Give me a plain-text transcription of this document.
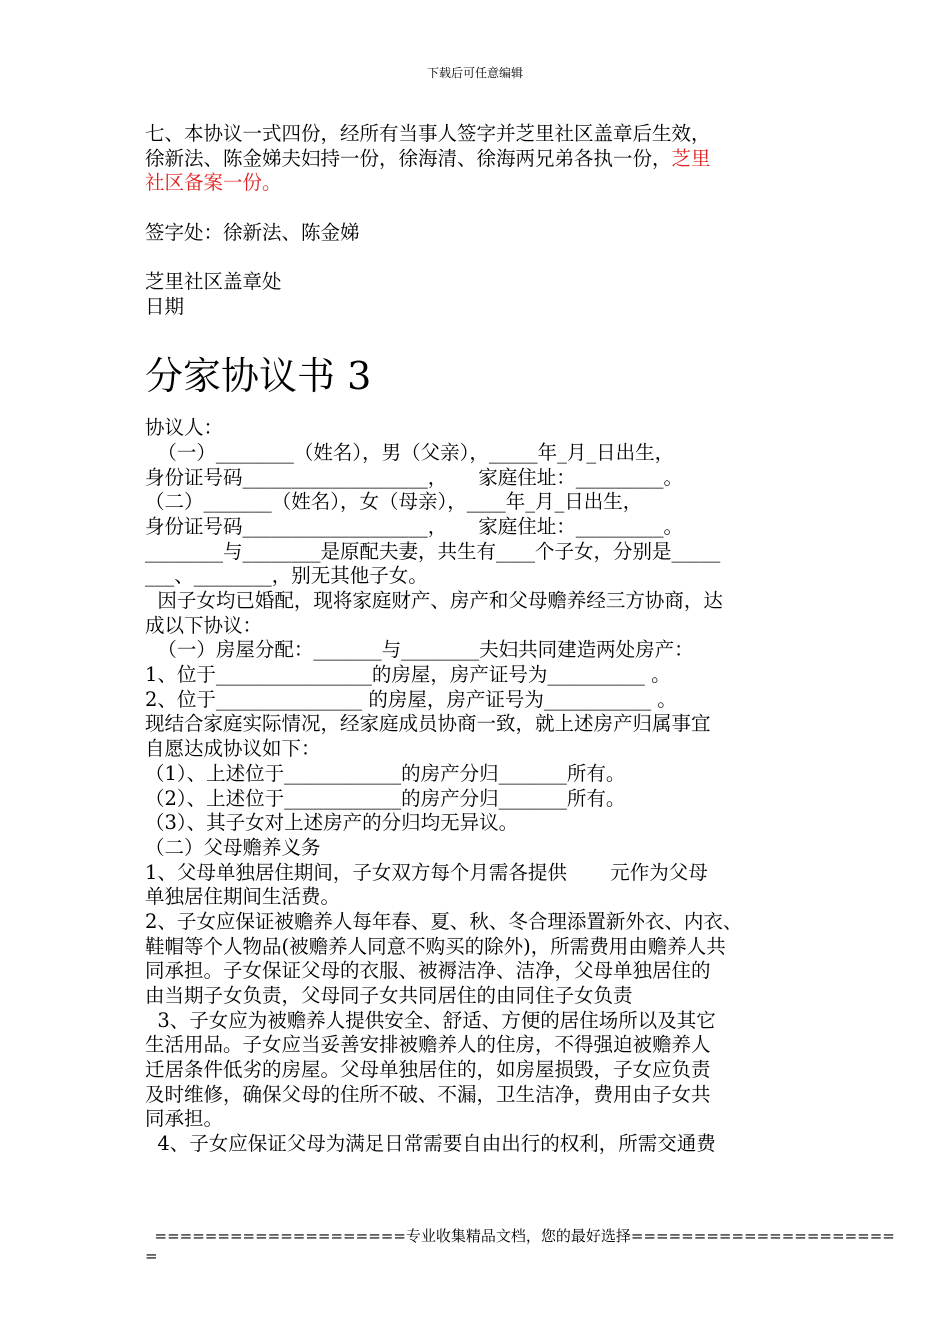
下载后可任意编辑
七、本协议一式四份，经所有当事人签字并芝里社区盖章后生效，
徐新法、陈金娣夫妇持一份，徐海清、徐海两兄弟各执一份，芝里
社区备案一份。
签字处：徐新法、陈金娣
芝里社区盖章处
日期
分家协议书 3
协议人：
（一）________（姓名），男（父亲），_____年_月_日出生，
身份证号码___________________，     家庭住址：_________。
（二）_______（姓名），女（母亲），____年_月_日出生，
身份证号码___________________，     家庭住址：_________。
________与________是原配夫妻，共生有____个子女，分别是_____
___、________，别无其他子女。
因子女均已婚配，现将家庭财产、房产和父母赡养经三方协商，达
成以下协议：
（一）房屋分配：_______与________夫妇共同建造两处房产：
1、位于________________的房屋，房产证号为__________ 。
2、位于_______________ 的房屋，房产证号为___________ 。
现结合家庭实际情况，经家庭成员协商一致，就上述房产归属事宜
自愿达成协议如下：
（1）、上述位于____________的房产分归_______所有。
（2）、上述位于____________的房产分归_______所有。
（3）、其子女对上述房产的分归均无异议。
（二）父母赡养义务
1、父母单独居住期间，子女双方每个月需各提供       元作为父母
单独居住期间生活费。
2、子女应保证被赡养人每年春、夏、秋、冬合理添置新外衣、内衣、
鞋帽等个人物品(被赡养人同意不购买的除外)，所需费用由赡养人共
同承担。子女保证父母的衣服、被褥洁净、洁净，父母单独居住的
由当期子女负责，父母同子女共同居住的由同住子女负责
3、子女应为被赡养人提供安全、舒适、方便的居住场所以及其它
生活用品。子女应当妥善安排被赡养人的住房，不得强迫被赡养人
迁居条件低劣的房屋。父母单独居住的，如房屋损毁，子女应负责
及时维修，确保父母的住所不破、不漏，卫生洁净，费用由子女共
同承担。
4、子女应保证父母为满足日常需要自由出行的权利，所需交通费
====================专业收集精品文档，您的最好选择=====================
=
